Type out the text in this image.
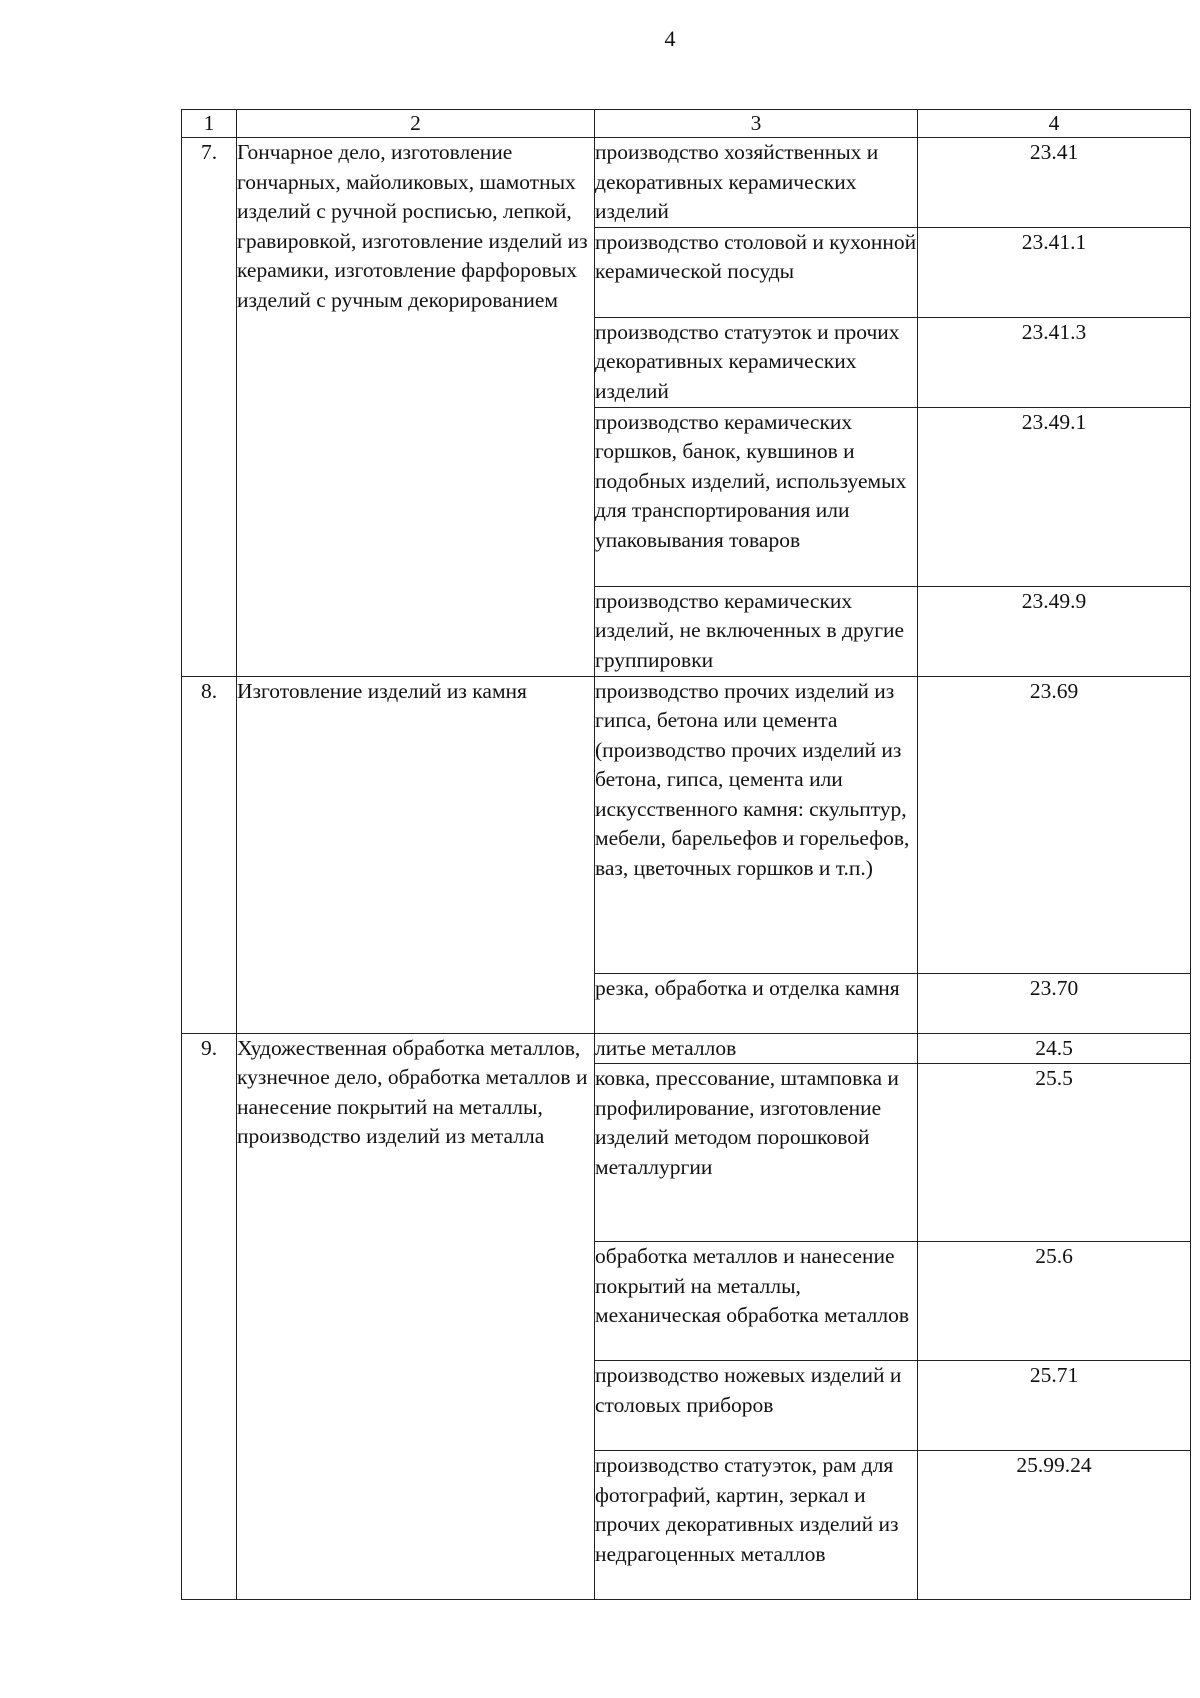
4
1	2	3	4
7.	Гончарное дело, изготовление гончарных, майоликовых, шамотных изделий с ручной росписью, лепкой, гравировкой, изготовление изделий из керамики, изготовление фарфоровых изделий с ручным декорированием	производство хозяйственных и декоративных керамических изделий	23.41
		производство столовой и кухонной керамической посуды	23.41.1
		производство статуэток и прочих декоративных керамических изделий	23.41.3
		производство керамических горшков, банок, кувшинов и подобных изделий, используемых для транспортирования или упаковывания товаров	23.49.1
		производство керамических изделий, не включенных в другие группировки	23.49.9
8.	Изготовление изделий из камня	производство прочих изделий из гипса, бетона или цемента (производство прочих изделий из бетона, гипса, цемента или искусственного камня: скульптур, мебели, барельефов и горельефов, ваз, цветочных горшков и т.п.)	23.69
		резка, обработка и отделка камня	23.70
9.	Художественная обработка металлов, кузнечное дело, обработка металлов и нанесение покрытий на металлы, производство изделий из металла	литье металлов	24.5
		ковка, прессование, штамповка и профилирование, изготовление изделий методом порошковой металлургии	25.5
		обработка металлов и нанесение покрытий на металлы, механическая обработка металлов	25.6
		производство ножевых изделий и столовых приборов	25.71
		производство статуэток, рам для фотографий, картин, зеркал и прочих декоративных изделий из недрагоценных металлов	25.99.24
